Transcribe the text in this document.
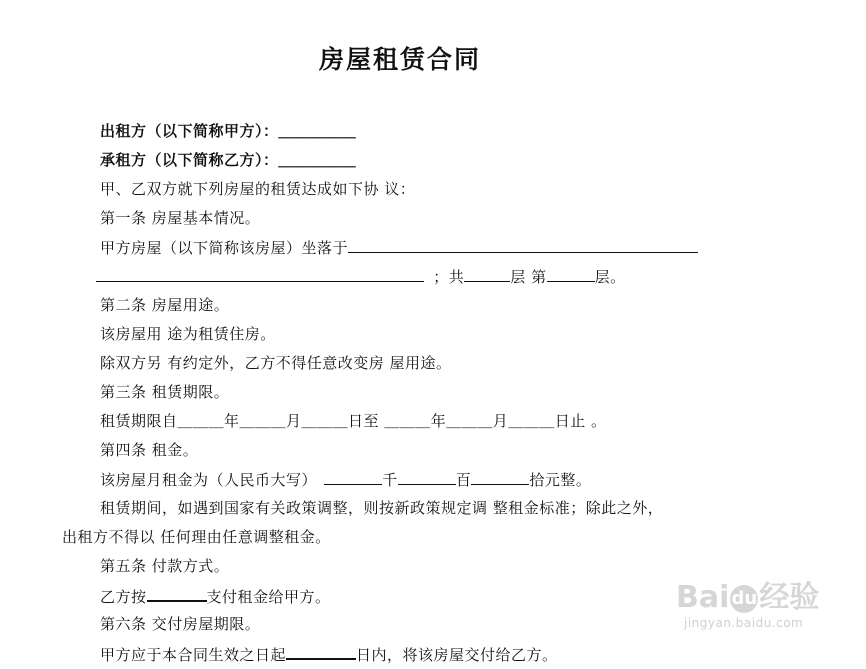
房屋租赁合同
出租方（以下简称甲方）：＿＿＿＿＿
承租方（以下简称乙方）：＿＿＿＿＿
甲、乙双方就下列房屋的租赁达成如下协 议：
第一条 房屋基本情况。
甲方房屋（以下简称该房屋）坐落于
；共	层 第	层。
第二条 房屋用途。
该房屋用 途为租赁住房。
除双方另 有约定外，乙方不得任意改变房 屋用途。
第三条 租赁期限。
租赁期限自＿＿＿年＿＿＿月＿＿＿日至 ＿＿＿年＿＿＿月＿＿＿日止 。
第四条 租金。
该房屋月租金为（人民币大写）	千	百	拾元整。
租赁期间，如遇到国家有关政策调整，则按新政策规定调 整租金标准；除此之外，
出租方不得以 任何理由任意调整租金。
第五条 付款方式。
乙方按	支付租金给甲方。
第六条 交付房屋期限。
甲方应于本合同生效之日起	日内，将该房屋交付给乙方。
Bai du经验
jingyan.baidu.com
